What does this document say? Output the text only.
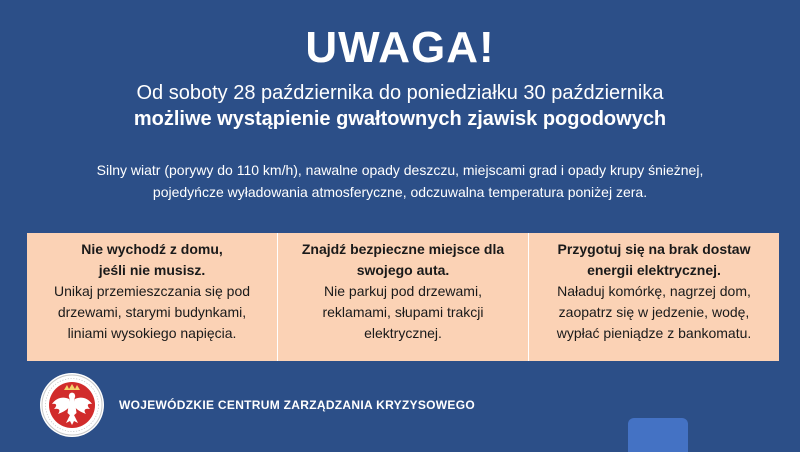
UWAGA!
Od soboty 28 października do poniedziałku 30 października
możliwe wystąpienie gwałtownych zjawisk pogodowych
Silny wiatr (porywy do 110 km/h), nawalne opady deszczu, miejscami grad i opady krupy śnieżnej,
pojedyńcze wyładowania atmosferyczne, odczuwalna temperatura poniżej zera.
Nie wychodź z domu,
jeśli nie musisz.
Unikaj przemieszczania się pod
drzewami, starymi budynkami,
liniami wysokiego napięcia.
Znajdź bezpieczne miejsce dla
swojego auta.
Nie parkuj pod drzewami,
reklamami, słupami trakcji
elektrycznej.
Przygotuj się na brak dostaw
energii elektrycznej.
Naładuj komórkę, nagrzej dom,
zaopatrz się w jedzenie, wodę,
wypłać pieniądze z bankomatu.
WOJEWÓDZKIE CENTRUM ZARZĄDZANIA KRYZYSOWEGO
